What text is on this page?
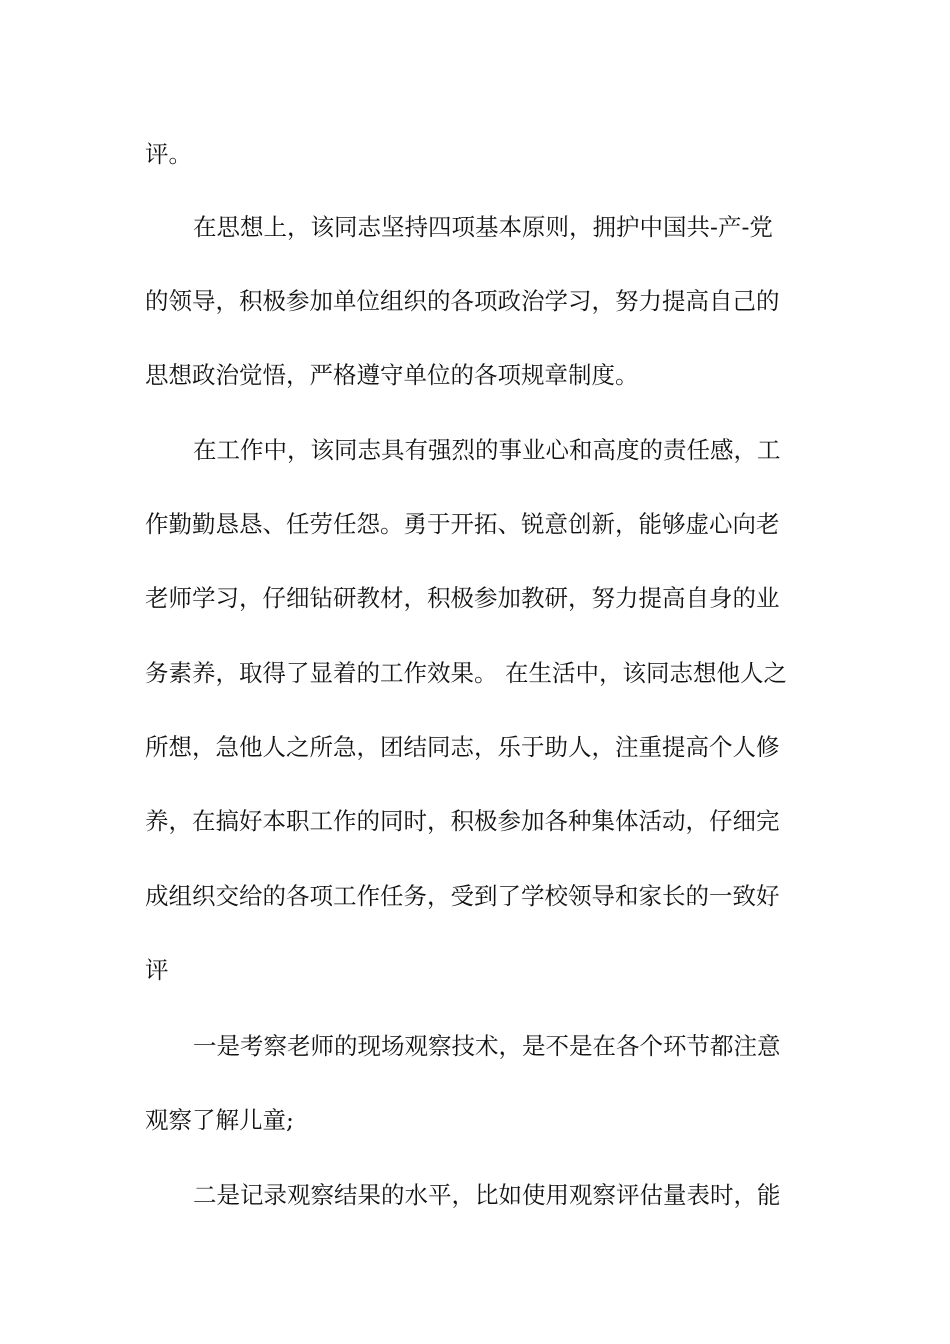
评。
在思想上，该同志坚持四项基本原则，拥护中国共-产-党
的领导，积极参加单位组织的各项政治学习，努力提高自己的
思想政治觉悟，严格遵守单位的各项规章制度。
在工作中，该同志具有强烈的事业心和高度的责任感，工
作勤勤恳恳、任劳任怨。勇于开拓、锐意创新，能够虚心向老
老师学习，仔细钻研教材，积极参加教研，努力提高自身的业
务素养，取得了显着的工作效果。 在生活中，该同志想他人之
所想，急他人之所急，团结同志，乐于助人，注重提高个人修
养，在搞好本职工作的同时，积极参加各种集体活动，仔细完
成组织交给的各项工作任务，受到了学校领导和家长的一致好
评
一是考察老师的现场观察技术，是不是在各个环节都注意
观察了解儿童;
二是记录观察结果的水平，比如使用观察评估量表时，能
